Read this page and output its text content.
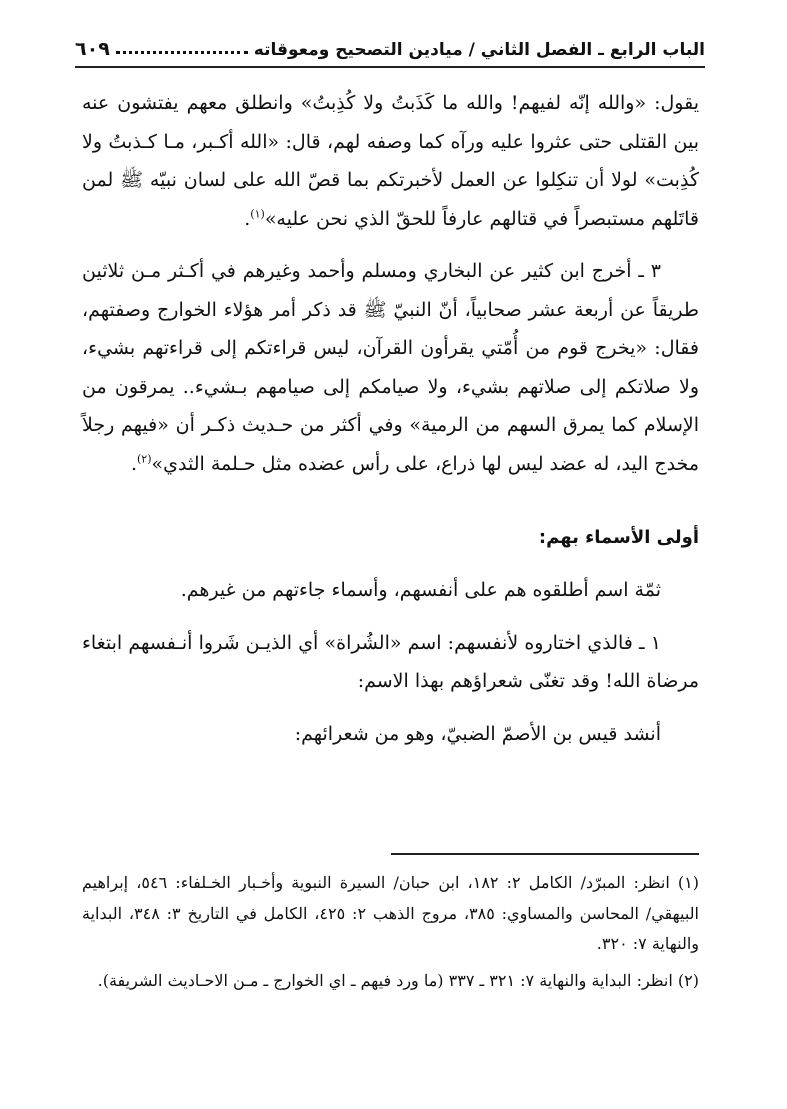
الباب الرابع ـ الفصل الثاني / ميادين التصحيح ومعوقاته
٦٠٩

يقول: «والله إنّه لفيهم! والله ما كَذَبتُ ولا كُذِبتُ» وانطلق معهم يفتشون عنه بين القتلى حتى عثروا عليه ورآه كما وصفه لهم، قال: «الله أكـبر، مـا كـذبتُ ولا كُذِبت» لولا أن تنكِلوا عن العمل لأخبرتكم بما قصّ الله على لسان نبيّه ﷺ لمن قاتَلهم مستبصراً في قتالهم عارفاً للحقّ الذي نحن عليه»$^{(١)}$.

٣ ـ أخرج ابن كثير عن البخاري ومسلم وأحمد وغيرهم في أكـثر مـن ثلاثين طريقاً عن أربعة عشر صحابياً، أنّ النبيّ ﷺ قد ذكر أمر هؤلاء الخوارج وصفتهم، فقال: «يخرج قوم من أُمّتي يقرأون القرآن، ليس قراءتكم إلى قراءتهم بشيء، ولا صلاتكم إلى صلاتهم بشيء، ولا صيامكم إلى صيامهم بـشيء.. يمرقون من الإسلام كما يمرق السهم من الرمية» وفي أكثر من حـديث ذكـر أن «فيهم رجلاً مخدج اليد، له عضد ليس لها ذراع، على رأس عضده مثل حـلمة الثدي»$^{(٢)}$.

أولى الأسماء بهم:

ثمّة اسم أطلقوه هم على أنفسهم، وأسماء جاءتهم من غيرهم.

١ ـ فالذي اختاروه لأنفسهم: اسم «الشُراة» أي الذيـن شَروا أنـفسهم ابتغاء مرضاة الله! وقد تغنّى شعراؤهم بهذا الاسم:

أنشد قيس بن الأصمّ الضبيّ، وهو من شعرائهم:

(١) انظر: المبرّد/ الكامل ٢: ١٨٢، ابن حبان/ السيرة النبوية وأخـبار الخـلفاء: ٥٤٦، إبراهيم البيهقي/ المحاسن والمساوي: ٣٨٥، مروج الذهب ٢: ٤٢٥، الكامل في التاريخ ٣: ٣٤٨، البداية والنهاية ٧: ٣٢٠.

(٢) انظر: البداية والنهاية ٧: ٣٢١ ـ ٣٣٧ (ما ورد فيهم ـ اي الخوارج ـ مـن الاحـاديث الشريفة).
